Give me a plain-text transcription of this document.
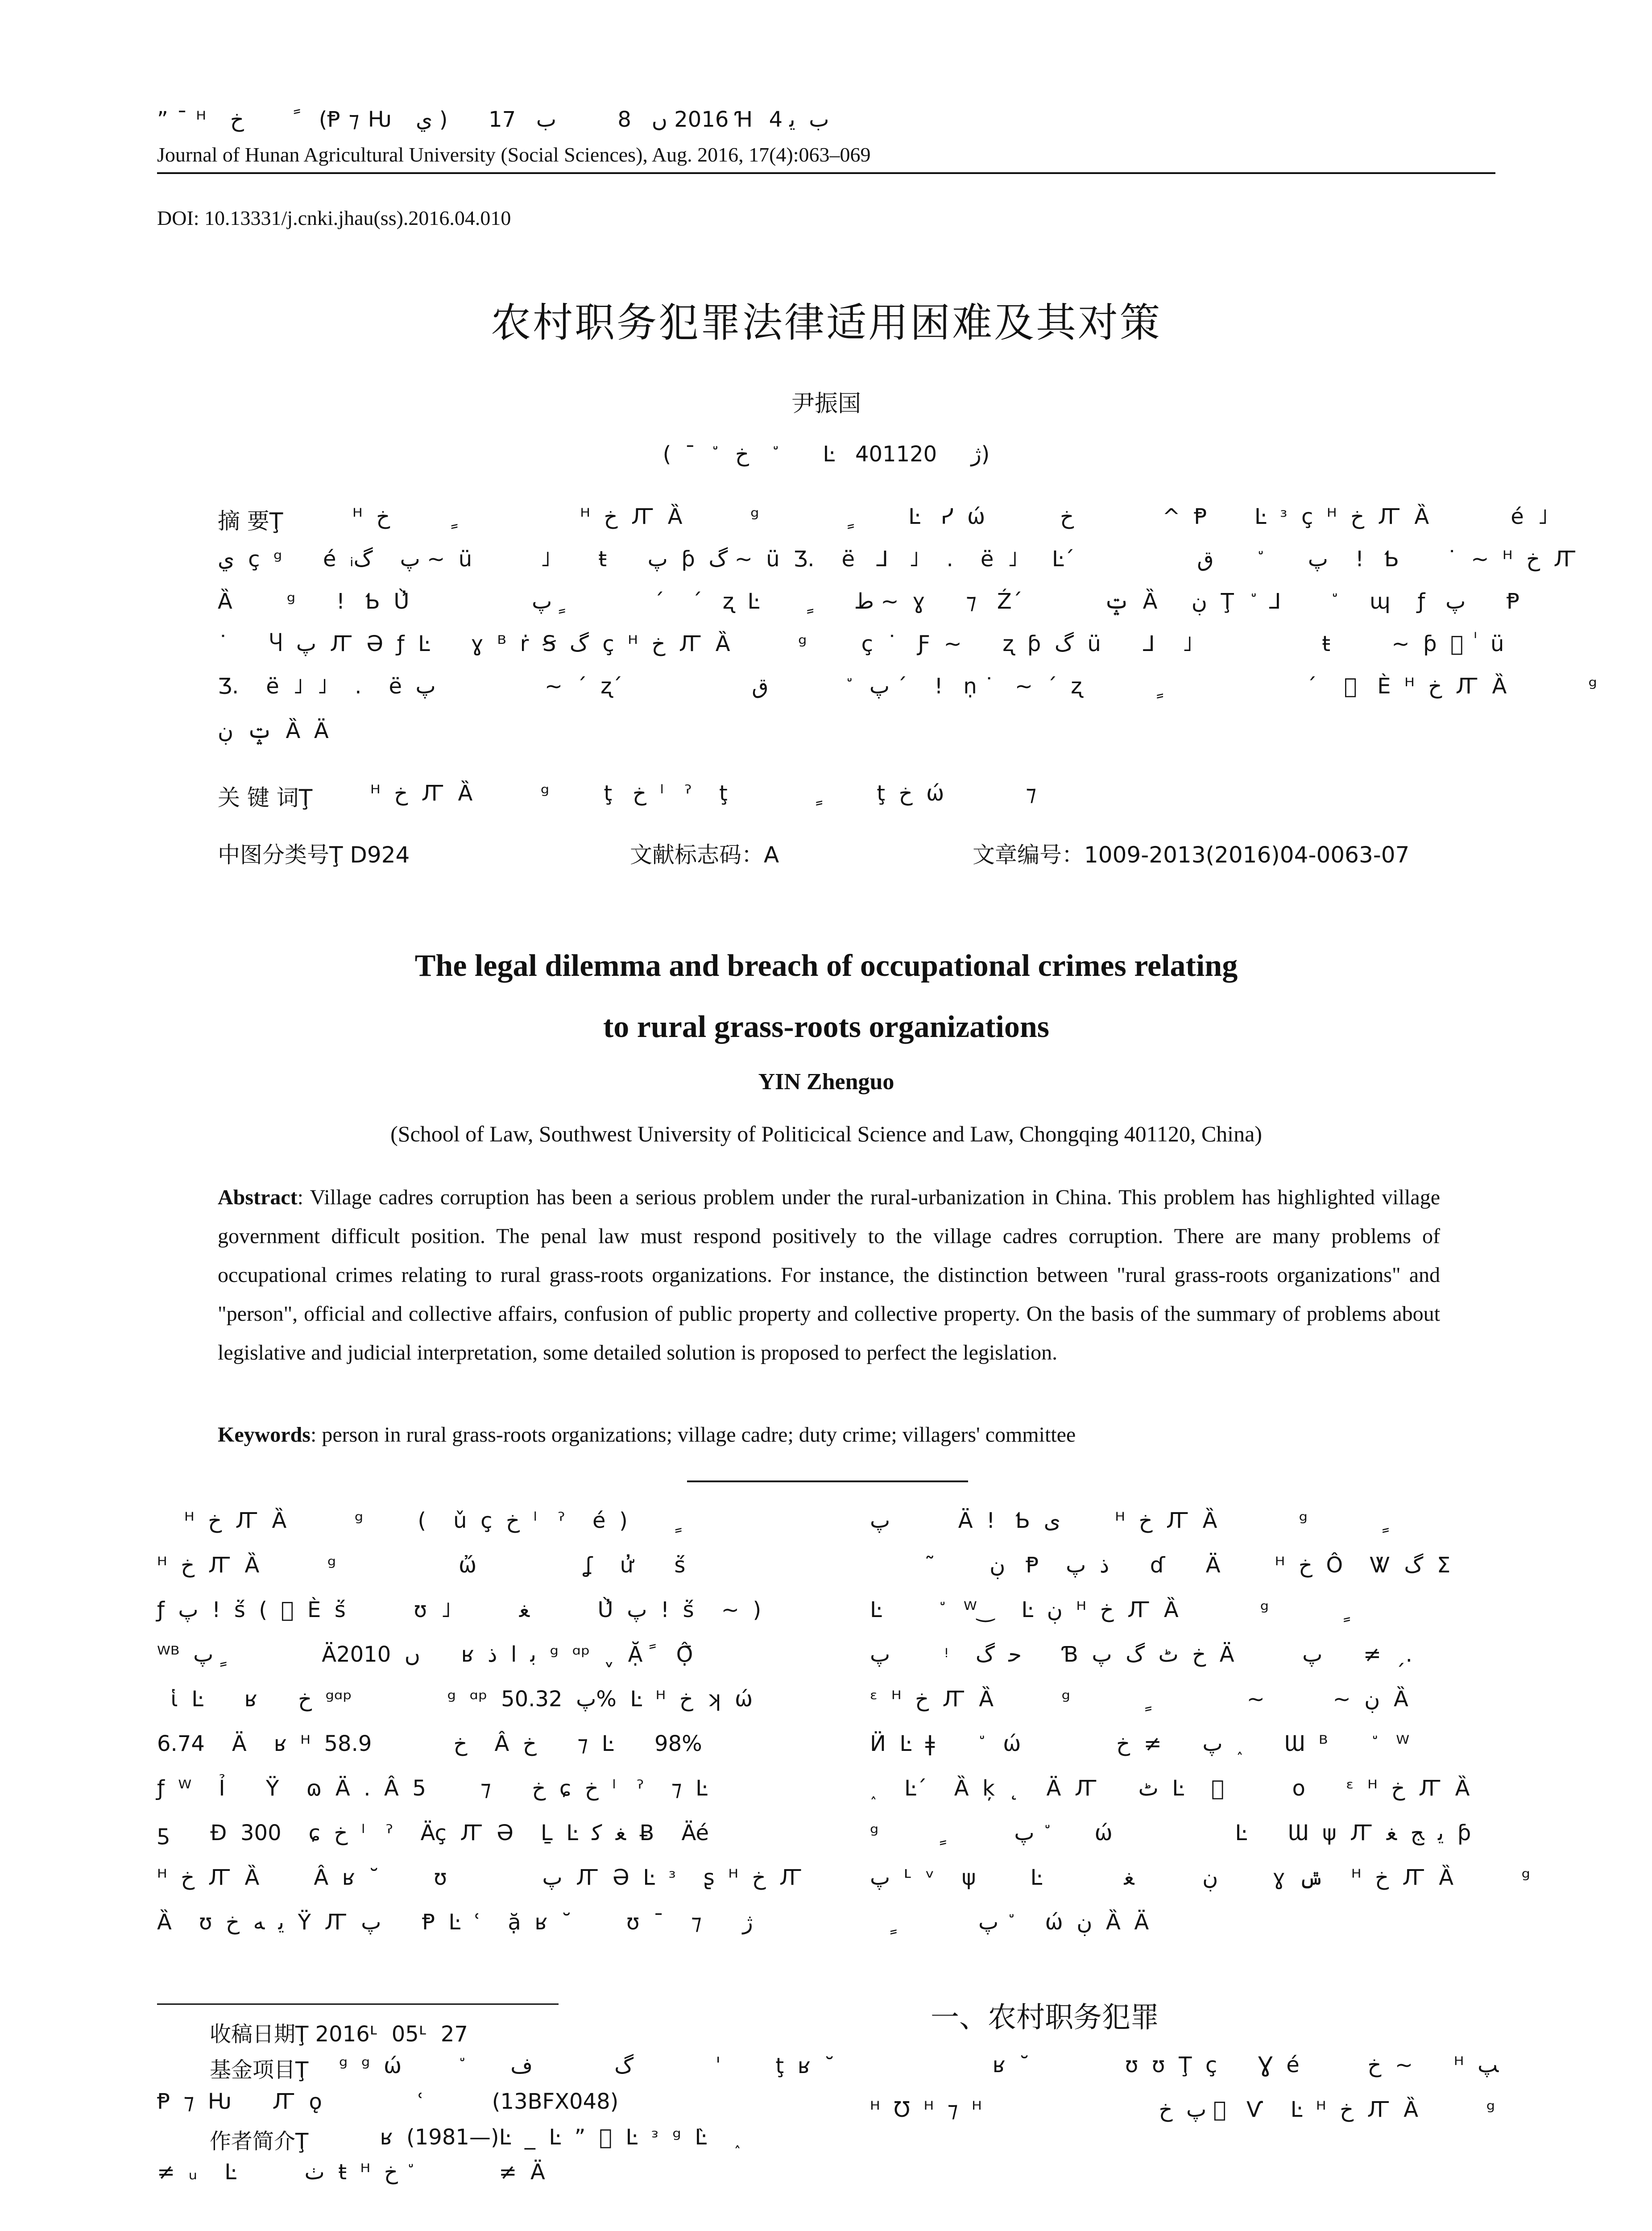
” ¯ ᴴ   خ        ً   (Ᵽ ⁊ Ƕ   ي )      2016 ں   8         ب   17 Ɦ  ب  ﯾ 4
Journal of Hunan Agricultural University (Social Sciences), Aug. 2016, 17(4):063–069
DOI: 10.13331/j.cnki.jhau(ss).2016.04.010
农村职务犯罪法律适用困难及其对策
尹振国
(  ¯   ٘  خ    ٘      Ŀ   ژ     401120)
摘 要Ţ	ᴴ  خ          ٍ                  ᴴ  خ  Ꙥ  Ȁ          ᵍ              ٍ        Ŀ   ᓯ  ώ           خ             ^  Ᵽ       Ŀ  ᶟ  ç  ᴴ  خ  Ꙥ  Ȁ            é  ˩
ي  ç  ᵍ      é  ᵢپ    گ ~  ü          ˩       ŧ      پ  ƥ  گ ~  ü  Ʒ.    ë   ᒧ   ˩    .    ë  ˩     Ŀ´                  پ       ٘      ق    !   Ƅ       ˙  ~  ᴴ  خ  Ꙥ
Ȁ        ᵍ      !   Ƅ  Ù̓                  پ  ٍ             ´    ´   ʐ  Ŀ        ٍ      ط ~  ɣ      ⁊   Ź´            ݓ  Ȁ     ڹ  Ţ  ٘   ᒧ       ٘      ɰ    ƒ   پ      Ᵽ
˙      Ⴗ  پ  Ꙥ  Ə  ƒ  Ŀ      ɣ  ᴮ  ṙ  Ꞩ  گ  ç  ᴴ  خ  Ꙥ  Ȁ          ᵍ        ç  ˙   Ƒ  ~      ʐ  ƥ  گ  ü      ᒧ    ˩                   ŧ         ~  ƥ  ⃞  ٰ  ü
Ʒ.    ë  ˩  ˩    .    ë  پ                ~  ´  ʐ´                   پ   ٘           ق ´    !   ṇ ˙   ~  ´  ʐ            ٍ                     ´     ⃞  È  ᴴ  خ  Ꙥ  Ȁ            ᵍ
ݓ  ڹ  Ȁ  Ä
关 键 词Ţ	ᴴ  خ  Ꙥ  Ȁ          ᵍ        ţ   خ  ˡ   ˀ    ţ              ٍ        ţ  خ  ώ            ⁊
中图分类号Ţ D924	文献标志码：A	文章编号：1009-2013(2016)04-0063-07
The legal dilemma and breach of occupational crimes relating
to rural grass-roots organizations
YIN Zhenguo
(School of Law, Southwest University of Politicical Science and Law, Chongqing 401120, China)
Abstract: Village cadres corruption has been a serious problem under the rural-urbanization in China. This problem has highlighted village government difficult position. The penal law must respond positively to the village cadres corruption. There are many problems of occupational crimes relating to rural grass-roots organizations. For instance, the distinction between "rural grass-roots organizations" and "person", official and collective affairs, confusion of public property and collective property. On the basis of the summary of problems about legislative and judicial interpretation, some detailed solution is proposed to perfect the legislation.
Keywords: person in rural grass-roots organizations; village cadre; duty crime; villagers' committee
ᴴ  خ  Ꙥ  Ȁ          ᵍ        (    ǔ  ç  خ  ˡ   ˀ    é  )        ٍ
ᴴ  خ  Ꙥ  Ȁ          ᵍ                  ὤ                ʆ    ư̓      ṥ
ƒ  پ  !  ṥ  (  ⃞  È  ṥ          ʊ  ˩          ﻐ          Ù̓  پ  !  ṥ    ~  )
ᵂᴮ  پ  ٍ              Ä2010  ں      ʁ  ﺑ  ﺍ  ذ  ᵍ  ᵅᵖ  ˬ  Ặ  ً   Ộ̄
ἱ  Ŀ      ʁ      خ  ᵍᵅᵖ              ᵍ  ᵅᵖ  پ  50.32%  Ŀ  ᴴ  خ  ʞ  ώ
6.74    Ä    ʁ  ᴴ  خ            58.9    Â  خ      ⁊  Ŀ      98%
ƒ  ᵂ    Ỉ      Ÿ    ɷ  Ä  .  Â  خ      ⁊        5  ɕ  خ  ˡ   ˀ    ⁊  Ŀ
ƽ      Ɖ  300    ɕ  خ  ˡ   ˀ    Äç  Ꙥ  Ə    Ḻ  Ŀ  ﻐ  ﻛ  Ƀ    Äé
ᴴ  خ  Ꙥ  Ȁ        Â  ʁ  ˘        ʊ              پ  Ꙥ  Ə  Ŀ  ᶟ    ʂ  ᴴ  خ  Ꙥ
Ȁ    ʊ  ﻳ  ﻪ  خ  Ÿ  Ꙥ  پ      Ᵽ  Ŀ  ʿ    ặ  ʁ  ˘        ʊ  ¯    ⁊      ژ
پ          Ä  !   Ƅ  ی        ᴴ  خ  Ꙥ  Ȁ            ᵍ            ٍ
˜        ڹ   Ᵽ    ذ  پ      ɗ      Ä        ᴴ  خ  Ô    Ꮤ  گ  Σ
Ŀ        ٘    ᵂ‿    Ŀ  ڹ  ᴴ  خ  Ꙥ  Ȁ            ᵍ            ٍ
پ        ᵎ    ﺣ  گ      Ɓ  خ  ٹ  گ  پ  Ä          پ      ≠  ˏ.
ᵋ  ᴴ  خ  Ꙥ  Ȁ          ᵍ            ٍ              ~          ~  ڹ  Ȁ
Ӥ  Ŀ  ǂ      ٘    ώ              پ      ≠  خ  ˰      Ɯ  ᴮ      ٘    ᵂ
˰    Ŀ´    Ȁ  ķ  ˛    Ä  Ꙥ      ٹ  Ŀ    ⃞          o      ᵋ  ᴴ  خ  Ꙥ  Ȁ
ᵍ          ٍ          پ  ٘      ώ                  Ŀ      Ɯ  ψ  Ꙥ  ﻳ  ﺞ  ﻐ  ƥ
پ  ᒻ  ᵛ    ψ        Ŀ            ڹ          ﻐ        ɣ  ݜ    ᴴ  خ  Ꙥ  Ȁ          ᵍ
ٍ            پ  ٘    ώ  ڹ  Ȁ  Ä
一、农村职务犯罪
ʁ  ˘              ʊ  ʊ  Ţ  ç      Ɣ  é          خ  ~      ᴴ  ﭗ
ᴴ  Ʊ  ᴴ  ⁊  ᴴ                          پ  خ  ⃞  Ѵ    Ŀ  ᴴ  خ  Ꙥ  Ȁ          ᵍ
收稿日期Ţ 2016ᒻ  05ᒻ  27
基金项目Ţ ᵍ  ᵍ  ώ        ٘        گ            ف            ˈ        ţ  ʁ  ˘
Ᵽ  ⁊  Ƕ      Ꙥ  ǫ              ʿ          (13BFX048)
作者简介Ţ ʁ  (1981—)Ŀ  _  Ŀ  ”  ⃞  Ŀ  ᵌ  ᵍ  Ŀ̀    ˰
≠  ᵤ    Ŀ          ٺ  ŧ  ᴴ  خ  ٘            ≠  Ä
